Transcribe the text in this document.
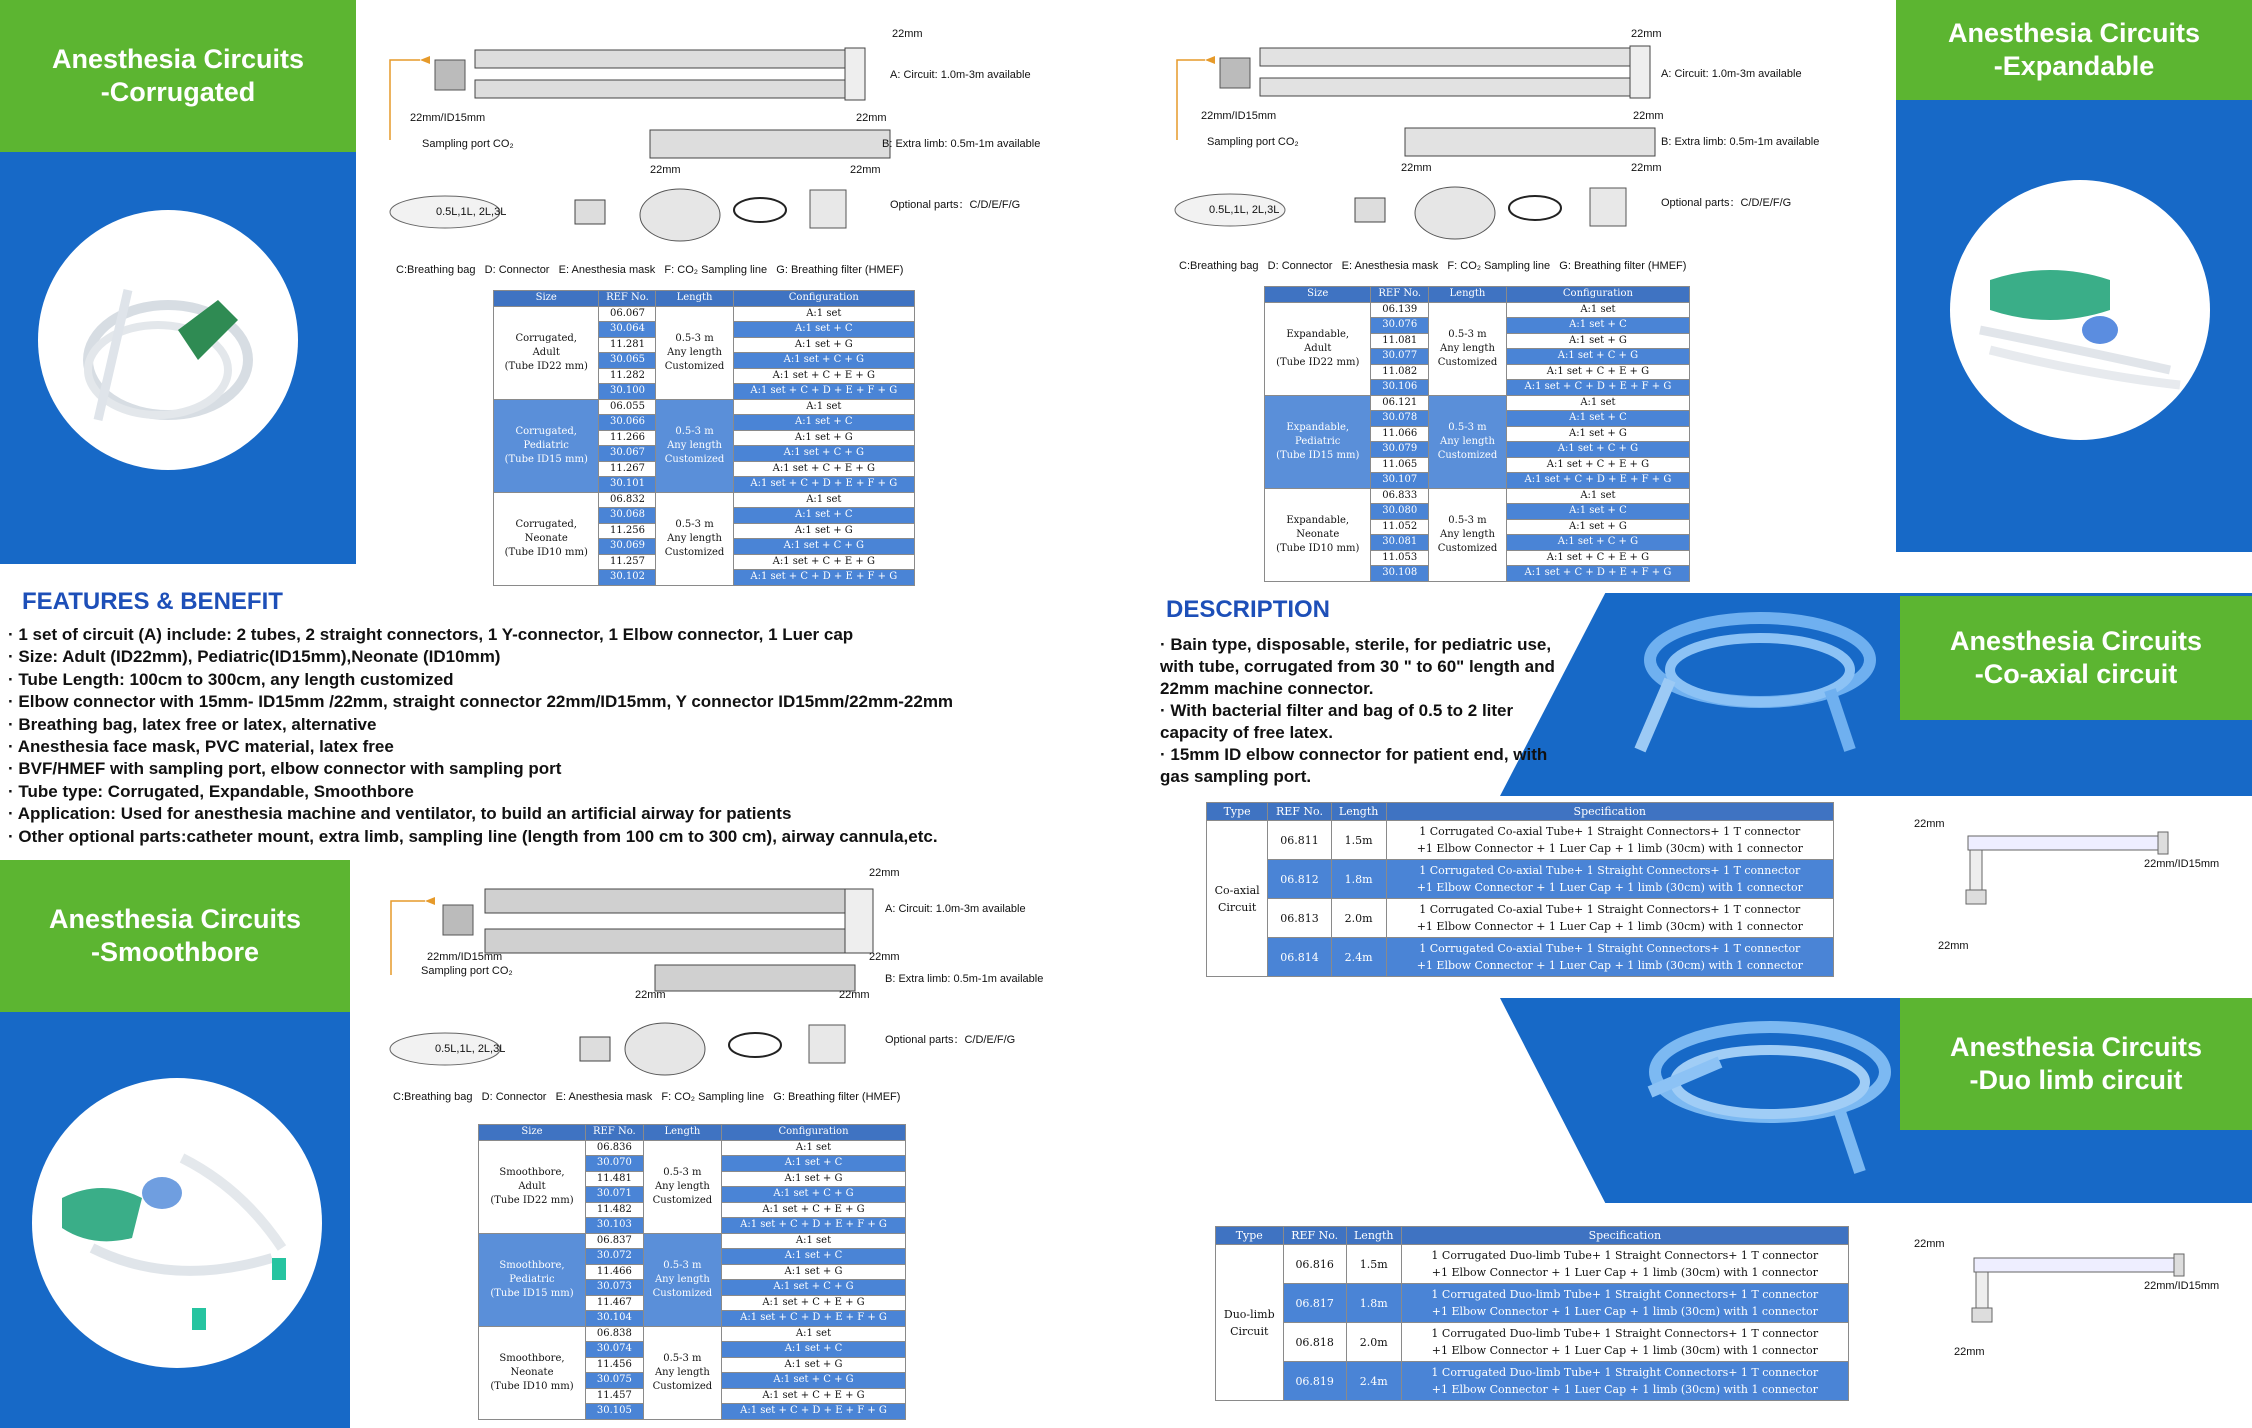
Anesthesia Circuits
-Corrugated
Anesthesia Circuits
-Expandable
Anesthesia Circuits
-Smoothbore
Anesthesia Circuits
-Co-axial circuit
Anesthesia Circuits
-Duo limb circuit
22mm
A: Circuit: 1.0m-3m available
22mm/ID15mm	22mm
Sampling port CO₂	B: Extra limb: 0.5m-1m available
22mm	22mm
0.5L,1L, 2L,3L
Optional parts：C/D/E/F/G
C:Breathing bag   D: Connector   E: Anesthesia mask   F: CO₂ Sampling line   G: Breathing filter (HMEF)
22mm
A: Circuit: 1.0m-3m available
22mm/ID15mm	22mm
Sampling port CO₂	B: Extra limb: 0.5m-1m available
22mm	22mm
0.5L,1L, 2L,3L
Optional parts：C/D/E/F/G
C:Breathing bag   D: Connector   E: Anesthesia mask   F: CO₂ Sampling line   G: Breathing filter (HMEF)
22mm
A: Circuit: 1.0m-3m available
22mm/ID15mm	22mm
Sampling port CO₂
B: Extra limb: 0.5m-1m available
22mm	22mm
0.5L,1L, 2L,3L
Optional parts：C/D/E/F/G
C:Breathing bag   D: Connector   E: Anesthesia mask   F: CO₂ Sampling line   G: Breathing filter (HMEF)
Size	REF No.	Length	Configuration
Corrugated,
Adult
(Tube ID22 mm)	06.067	0.5-3 m
Any length
Customized	A:1 set
	30.064		A:1 set + C
	11.281		A:1 set + G
	30.065		A:1 set + C + G
	11.282		A:1 set + C + E + G
	30.100		A:1 set + C + D + E + F + G
Corrugated,
Pediatric
(Tube ID15 mm)	06.055	0.5-3 m
Any length
Customized	A:1 set
	30.066		A:1 set + C
	11.266		A:1 set + G
	30.067		A:1 set + C + G
	11.267		A:1 set + C + E + G
	30.101		A:1 set + C + D + E + F + G
Corrugated,
Neonate
(Tube ID10 mm)	06.832	0.5-3 m
Any length
Customized	A:1 set
	30.068		A:1 set + C
	11.256		A:1 set + G
	30.069		A:1 set + C + G
	11.257		A:1 set + C + E + G
	30.102		A:1 set + C + D + E + F + G
Size	REF No.	Length	Configuration
Expandable,
Adult
(Tube ID22 mm)	06.139	0.5-3 m
Any length
Customized	A:1 set
	30.076		A:1 set + C
	11.081		A:1 set + G
	30.077		A:1 set + C + G
	11.082		A:1 set + C + E + G
	30.106		A:1 set + C + D + E + F + G
Expandable,
Pediatric
(Tube ID15 mm)	06.121	0.5-3 m
Any length
Customized	A:1 set
	30.078		A:1 set + C
	11.066		A:1 set + G
	30.079		A:1 set + C + G
	11.065		A:1 set + C + E + G
	30.107		A:1 set + C + D + E + F + G
Expandable,
Neonate
(Tube ID10 mm)	06.833	0.5-3 m
Any length
Customized	A:1 set
	30.080		A:1 set + C
	11.052		A:1 set + G
	30.081		A:1 set + C + G
	11.053		A:1 set + C + E + G
	30.108		A:1 set + C + D + E + F + G
Size	REF No.	Length	Configuration
Smoothbore,
Adult
(Tube ID22 mm)	06.836	0.5-3 m
Any length
Customized	A:1 set
	30.070		A:1 set + C
	11.481		A:1 set + G
	30.071		A:1 set + C + G
	11.482		A:1 set + C + E + G
	30.103		A:1 set + C + D + E + F + G
Smoothbore,
Pediatric
(Tube ID15 mm)	06.837	0.5-3 m
Any length
Customized	A:1 set
	30.072		A:1 set + C
	11.466		A:1 set + G
	30.073		A:1 set + C + G
	11.467		A:1 set + C + E + G
	30.104		A:1 set + C + D + E + F + G
Smoothbore,
Neonate
(Tube ID10 mm)	06.838	0.5-3 m
Any length
Customized	A:1 set
	30.074		A:1 set + C
	11.456		A:1 set + G
	30.075		A:1 set + C + G
	11.457		A:1 set + C + E + G
	30.105		A:1 set + C + D + E + F + G
FEATURES & BENEFIT
· 1 set of circuit (A) include: 2 tubes, 2 straight connectors, 1 Y-connector, 1 Elbow connector, 1 Luer cap
· Size: Adult (ID22mm), Pediatric(ID15mm),Neonate (ID10mm)
· Tube Length: 100cm to 300cm, any length customized
· Elbow connector with 15mm- ID15mm /22mm, straight connector 22mm/ID15mm, Y connector ID15mm/22mm-22mm
· Breathing bag, latex free or latex, alternative
· Anesthesia face mask, PVC material, latex free
· BVF/HMEF with sampling port, elbow connector with sampling port
· Tube type: Corrugated, Expandable, Smoothbore
· Application: Used for anesthesia machine and ventilator, to build an artificial airway for patients
· Other optional parts:catheter mount, extra limb, sampling line (length from 100 cm to 300 cm), airway cannula,etc.
DESCRIPTION
· Bain type, disposable, sterile, for pediatric use, with tube, corrugated from 30 " to 60" length and 22mm machine connector.
· With bacterial filter and bag of 0.5 to 2 liter capacity of free latex.
· 15mm ID elbow connector for patient end, with gas sampling port.
Type	REF No.	Length	Specification
Co-axial
Circuit	06.811	1.5m	1 Corrugated Co-axial Tube+ 1 Straight Connectors+ 1 T connector
+1 Elbow Connector + 1 Luer Cap + 1 limb (30cm) with 1 connector
	06.812	1.8m	1 Corrugated Co-axial Tube+ 1 Straight Connectors+ 1 T connector
+1 Elbow Connector + 1 Luer Cap + 1 limb (30cm) with 1 connector
	06.813	2.0m	1 Corrugated Co-axial Tube+ 1 Straight Connectors+ 1 T connector
+1 Elbow Connector + 1 Luer Cap + 1 limb (30cm) with 1 connector
	06.814	2.4m	1 Corrugated Co-axial Tube+ 1 Straight Connectors+ 1 T connector
+1 Elbow Connector + 1 Luer Cap + 1 limb (30cm) with 1 connector
Type	REF No.	Length	Specification
Duo-limb
Circuit	06.816	1.5m	1 Corrugated Duo-limb Tube+ 1 Straight Connectors+ 1 T connector
+1 Elbow Connector + 1 Luer Cap + 1 limb (30cm) with 1 connector
	06.817	1.8m	1 Corrugated Duo-limb Tube+ 1 Straight Connectors+ 1 T connector
+1 Elbow Connector + 1 Luer Cap + 1 limb (30cm) with 1 connector
	06.818	2.0m	1 Corrugated Duo-limb Tube+ 1 Straight Connectors+ 1 T connector
+1 Elbow Connector + 1 Luer Cap + 1 limb (30cm) with 1 connector
	06.819	2.4m	1 Corrugated Duo-limb Tube+ 1 Straight Connectors+ 1 T connector
+1 Elbow Connector + 1 Luer Cap + 1 limb (30cm) with 1 connector
22mm
22mm/ID15mm
22mm
22mm
22mm/ID15mm
22mm
